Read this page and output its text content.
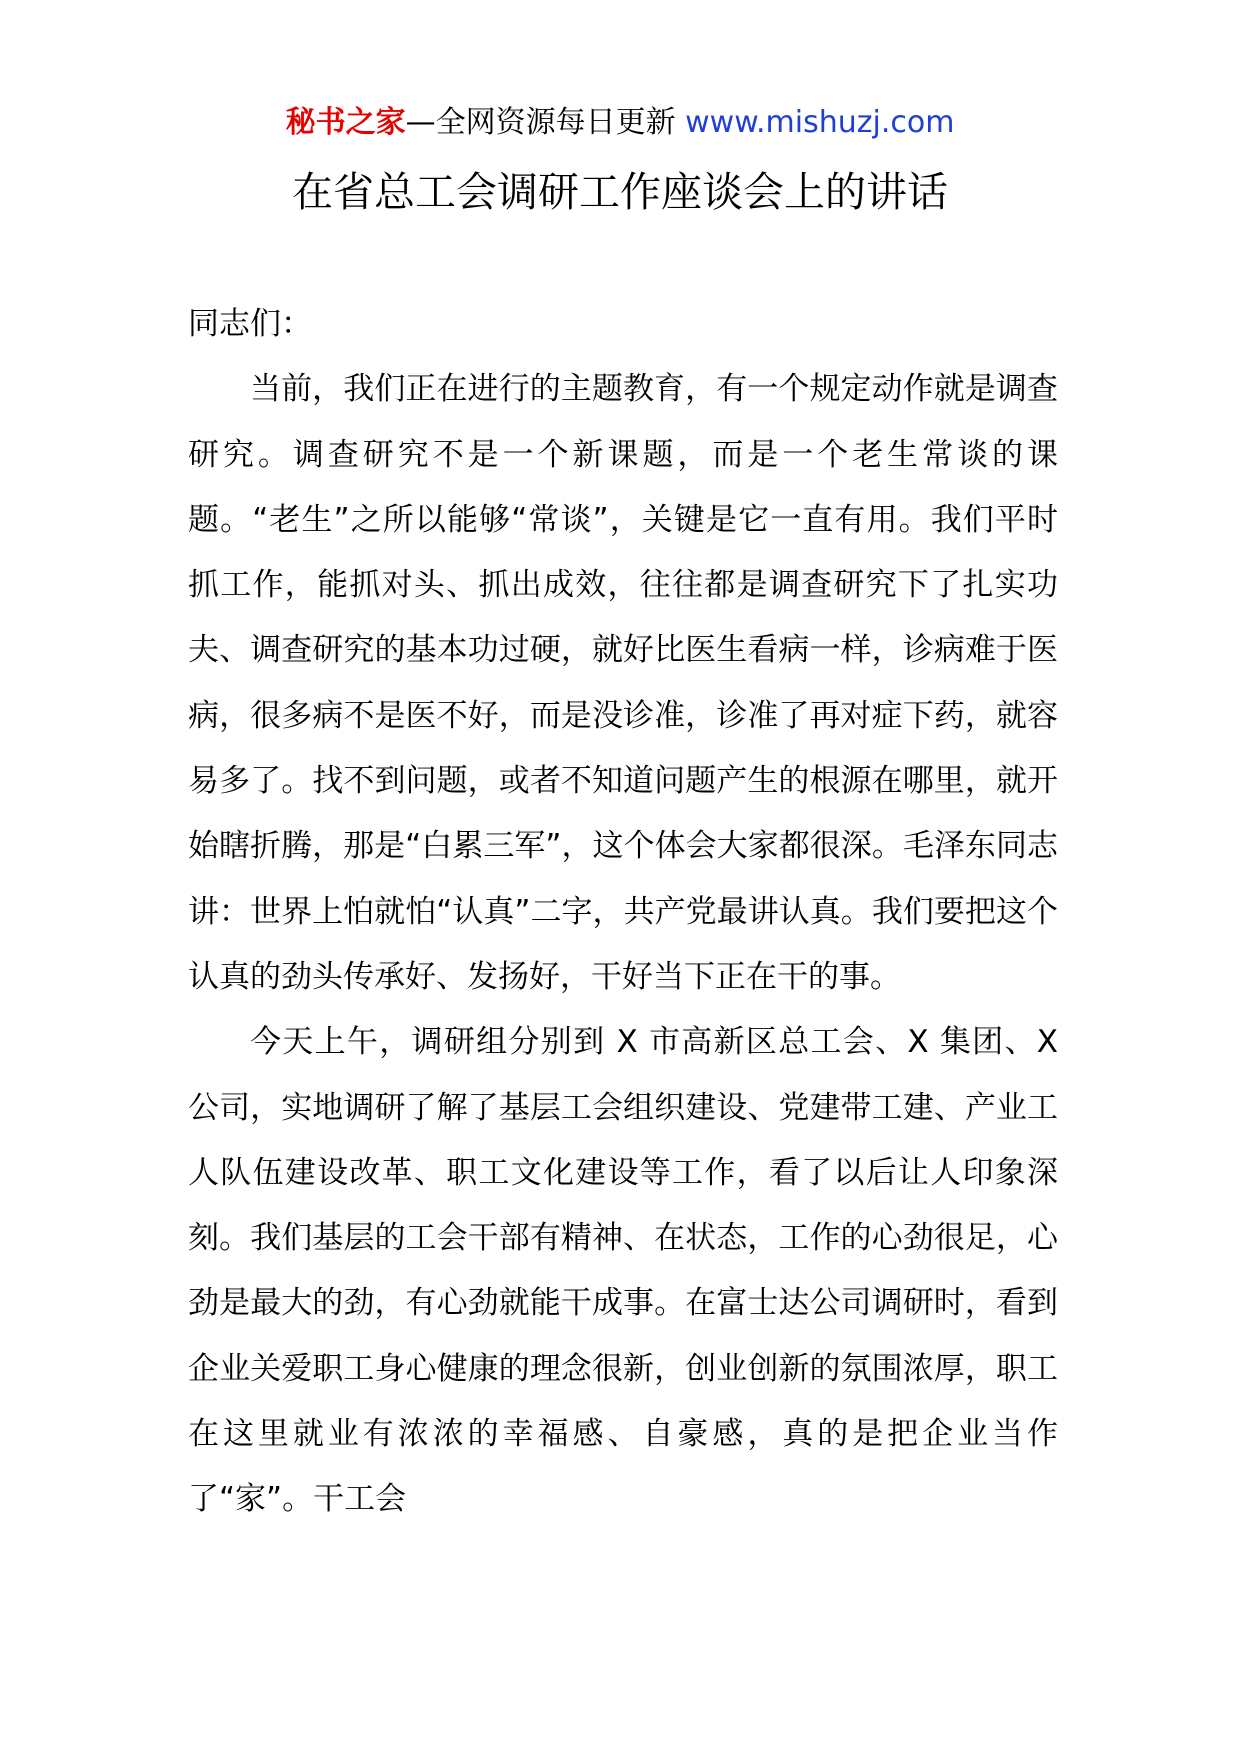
秘书之家—全网资源每日更新 www.mishuzj.com
在省总工会调研工作座谈会上的讲话

同志们：

当前，我们正在进行的主题教育，有一个规定动作就是调查研究。调查研究不是一个新课题，而是一个老生常谈的课题。“老生”之所以能够“常谈”，关键是它一直有用。我们平时抓工作，能抓对头、抓出成效，往往都是调查研究下了扎实功夫、调查研究的基本功过硬，就好比医生看病一样，诊病难于医病，很多病不是医不好，而是没诊准，诊准了再对症下药，就容易多了。找不到问题，或者不知道问题产生的根源在哪里，就开始瞎折腾，那是“白累三军”，这个体会大家都很深。毛泽东同志讲：世界上怕就怕“认真”二字，共产党最讲认真。我们要把这个认真的劲头传承好、发扬好，干好当下正在干的事。

今天上午，调研组分别到 X 市高新区总工会、X 集团、X 公司，实地调研了解了基层工会组织建设、党建带工建、产业工人队伍建设改革、职工文化建设等工作，看了以后让人印象深刻。我们基层的工会干部有精神、在状态，工作的心劲很足，心劲是最大的劲，有心劲就能干成事。在富士达公司调研时，看到企业关爱职工身心健康的理念很新，创业创新的氛围浓厚，职工在这里就业有浓浓的幸福感、自豪感，真的是把企业当作了“家”。干工会
